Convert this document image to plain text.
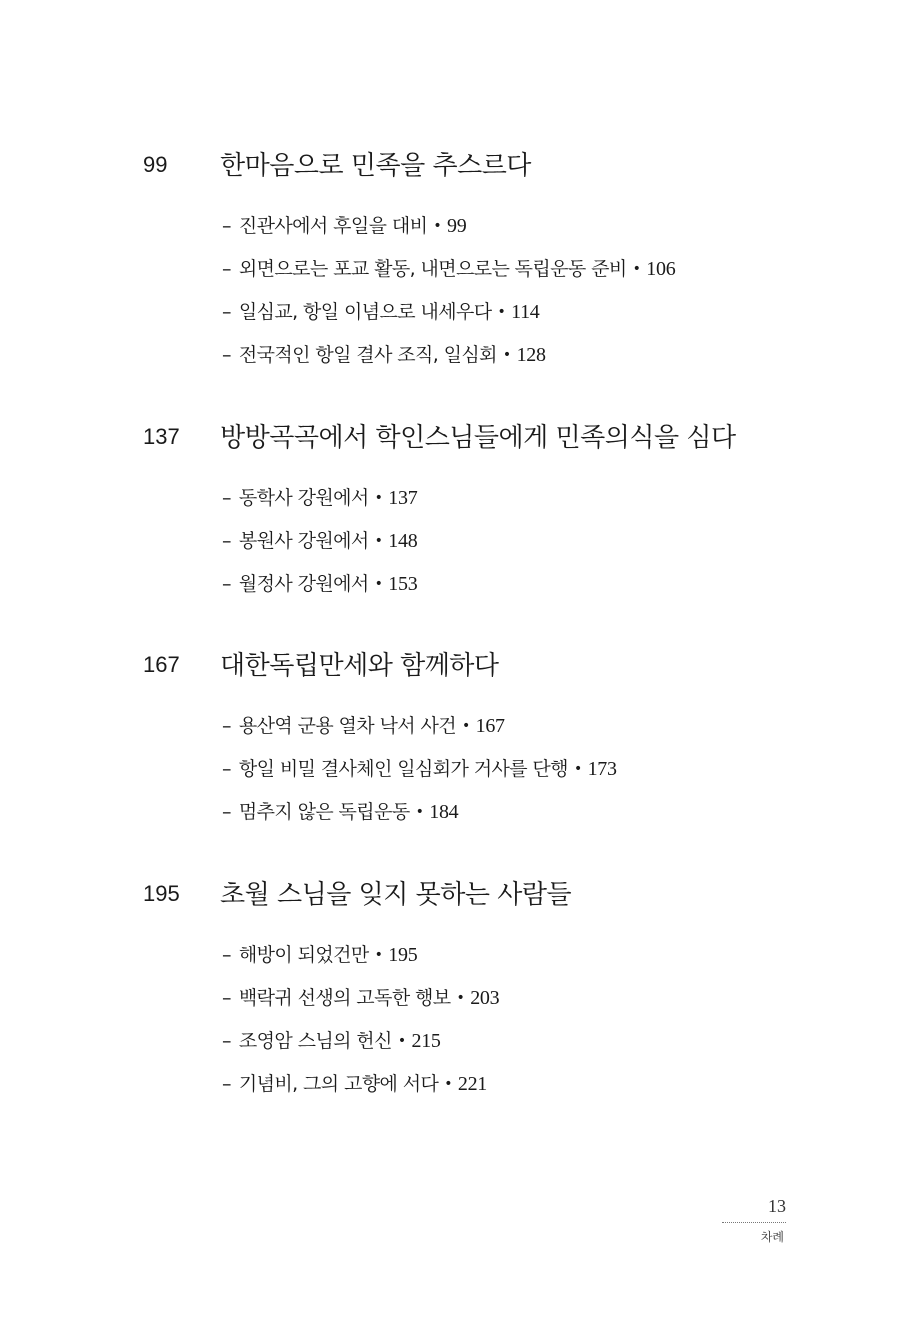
99 한마음으로 민족을 추스르다
– 진관사에서 후일을 대비 • 99
– 외면으로는 포교 활동, 내면으로는 독립운동 준비 • 106
– 일심교, 항일 이념으로 내세우다 • 114
– 전국적인 항일 결사 조직, 일심회 • 128
137 방방곡곡에서 학인스님들에게 민족의식을 심다
– 동학사 강원에서 • 137
– 봉원사 강원에서 • 148
– 월정사 강원에서 • 153
167 대한독립만세와 함께하다
– 용산역 군용 열차 낙서 사건 • 167
– 항일 비밀 결사체인 일심회가 거사를 단행 • 173
– 멈추지 않은 독립운동 • 184
195 초월 스님을 잊지 못하는 사람들
– 해방이 되었건만 • 195
– 백락귀 선생의 고독한 행보 • 203
– 조영암 스님의 헌신 • 215
– 기념비, 그의 고향에 서다 • 221
13
차례
